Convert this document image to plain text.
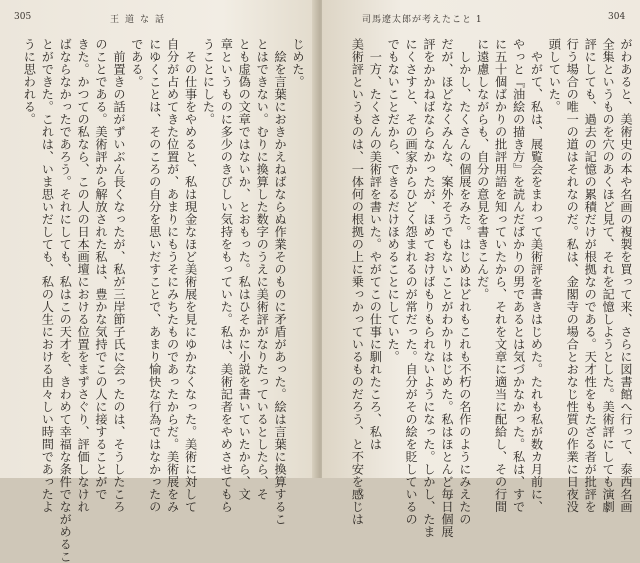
305	王道な話
じめた。
　絵を言葉におきかえねばならぬ作業そのものに矛盾があった。絵は言葉に換算するこ
とはできない。むりに換算した数字のうえに美術評がなりたっているとしたら、そ
とも虚偽の文章ではないか、とおもった。私はひそかに小説を書いていたから、文
章というものに多少のきびしい気持をもっていた。私は、美術記者をやめさせてもら
うことにした。
　その仕事をやめると、私は現金なほど美術展を見にゆかなくなった。美術に対して
自分が占めてきた位置が、あまりにもうそにみちたものであったからだ。美術展をみ
にゆくことは、そのころの自分を思いだすことで、あまり愉快な行為ではなかったの
である。
　前置きの話がずいぶん長くなったが、私が三岸節子氏に会ったのは、そうしたころ
のことである。美術評から解放された私は、豊かな気持でこの人に接することがで
きた。かつての私なら、この人の日本画壇における位置をまずさぐり、評価しなけれ
ばならなかったであろう。それにしても、私はこの天才を、きわめて幸福な条件でながめるこ
とができた。これは、いま思いだしても、私の人生における由々しい時間であったよ
うに思われる。
司馬遼太郎が考えたこと 1	304
がわあると、美術史の本や名画の複製を買って来、さらに図書館へ行って、泰西名画
全集というものを穴のあくほど見て、それを記憶しようとした。美術評にしても演劇
評にしても、過去の記憶の累積だけが根拠なのである。天才性をもたざる者が批評を
行う場合の唯一の道はそれなのだ。私は、金閣寺の場合とおなじ性質の作業に日夜没
頭していた。
　やがて、私は、展覧会をまわって美術評を書きはじめた。たれも私が数カ月前に、
やっと『油絵の描き方』を読んだばかりの男であるとは気づかなかった。私は、すで
に五十個ばかりの批評用語を知っていたから、それを文章に適当に配給し、その行間
に遠慮しながらも、自分の意見を書きこんだ。
　しかし、たくさんの個展をみた。はじめはどれもこれも不朽の名作のようにみえたの
だが、ほどなくみんな、案外そうでもないことがわかりはじめた。私はほとんど毎日個展
評をかかねばならなかったが、ほめておけばもりもられないようになった。しかし、たま
にくさすと、その画家からひどく怨まれるのが常だった。自分がその絵を貶しているの
でもないことだから、できるだけほめることにしていた。
　一方、たくさんの美術評を書いた。やがてこの仕事に馴れたころ、私は
美術評というものは、一体何の根拠の上に乗っかっているものだろう、と不安を感じは
